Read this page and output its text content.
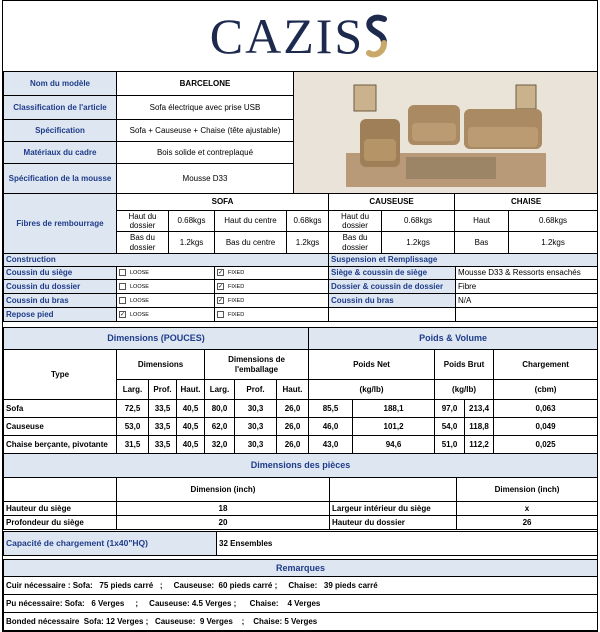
CAZIS
Nom du modèle	BARCELONE	
Classification de l'article	Sofa électrique avec prise USB	
Spécification	Sofa + Causeuse + Chaise (tête ajustable)	
Matériaux du cadre	Bois solide et contreplaqué	
Spécification de la mousse	Mousse D33	
Fibres de rembourrage	SOFA				CAUSEUSE		CHAISE	
	Haut du dossier	0.68kgs	Haut du centre	0.68kgs	Haut du dossier	0.68kgs	Haut	0.68kgs
	Bas du dossier	1.2kgs	Bas du centre	1.2kgs	Bas du dossier	1.2kgs	Bas	1.2kgs
Construction			Suspension et Remplissage	
Coussin du siège	LOOSE	✓ FIXED	Siège & coussin de siège	Mousse D33 & Ressorts ensachés
Coussin du dossier	LOOSE	✓ FIXED	Dossier & coussin de dossier	Fibre
Coussin du bras	LOOSE	✓ FIXED	Coussin du bras	N/A
Repose pied	✓ LOOSE	FIXED		
Dimensions (POUCES)							Poids & Volume				
Type	Dimensions			Dimensions de l'emballage			Poids Net		Poids Brut		Chargement
	Larg.	Prof.	Haut.	Larg.	Prof.	Haut.	(kg/lb)		(kg/lb)		(cbm)
Sofa	72,5	33,5	40,5	80,0	30,3	26,0	85,5	188,1	97,0	213,4	0,063
Causeuse	53,0	33,5	40,5	62,0	30,3	26,0	46,0	101,2	54,0	118,8	0,049
Chaise berçante, pivotante	31,5	33,5	40,5	32,0	30,3	26,0	43,0	94,6	51,0	112,2	0,025
Dimensions des pièces			
	Dimension (inch)		Dimension (inch)
Hauteur du siège	18	Largeur intérieur du siège	x
Profondeur du siège	20	Hauteur du dossier	26
Capacité de chargement (1x40"HQ)	32 Ensembles
Remarques
Cuir nécessaire : Sofa:   75 pieds carré   ;     Causeuse:  60 pieds carré ;     Chaise:   39 pieds carré
Pu nécessaire: Sofa:   6 Verges     ;     Causeuse: 4.5 Verges ;      Chaise:    4 Verges
Bonded nécessaire  Sofa: 12 Verges ;   Causeuse:  9 Verges    ;    Chaise: 5 Verges
